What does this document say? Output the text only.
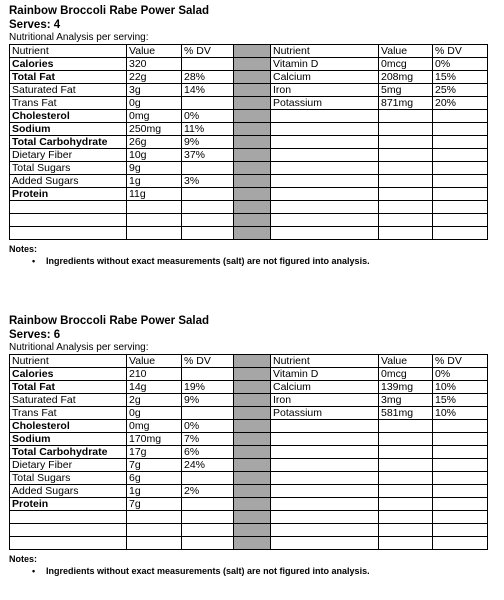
Rainbow Broccoli Rabe Power Salad
Serves: 4
Nutritional Analysis per serving:
Nutrient	Value	% DV		Nutrient	Value	% DV
Calories	320			Vitamin D	0mcg	0%
Total Fat	22g	28%		Calcium	208mg	15%
Saturated Fat	3g	14%		Iron	5mg	25%
Trans Fat	0g			Potassium	871mg	20%
Cholesterol	0mg	0%				
Sodium	250mg	11%				
Total Carbohydrate	26g	9%				
Dietary Fiber	10g	37%				
Total Sugars	9g					
Added Sugars	1g	3%				
Protein	11g					

Notes:
• Ingredients without exact measurements (salt) are not figured into analysis.
Rainbow Broccoli Rabe Power Salad
Serves: 6
Nutritional Analysis per serving:
Nutrient	Value	% DV		Nutrient	Value	% DV
Calories	210			Vitamin D	0mcg	0%
Total Fat	14g	19%		Calcium	139mg	10%
Saturated Fat	2g	9%		Iron	3mg	15%
Trans Fat	0g			Potassium	581mg	10%
Cholesterol	0mg	0%				
Sodium	170mg	7%				
Total Carbohydrate	17g	6%				
Dietary Fiber	7g	24%				
Total Sugars	6g					
Added Sugars	1g	2%				
Protein	7g					

Notes:
• Ingredients without exact measurements (salt) are not figured into analysis.
